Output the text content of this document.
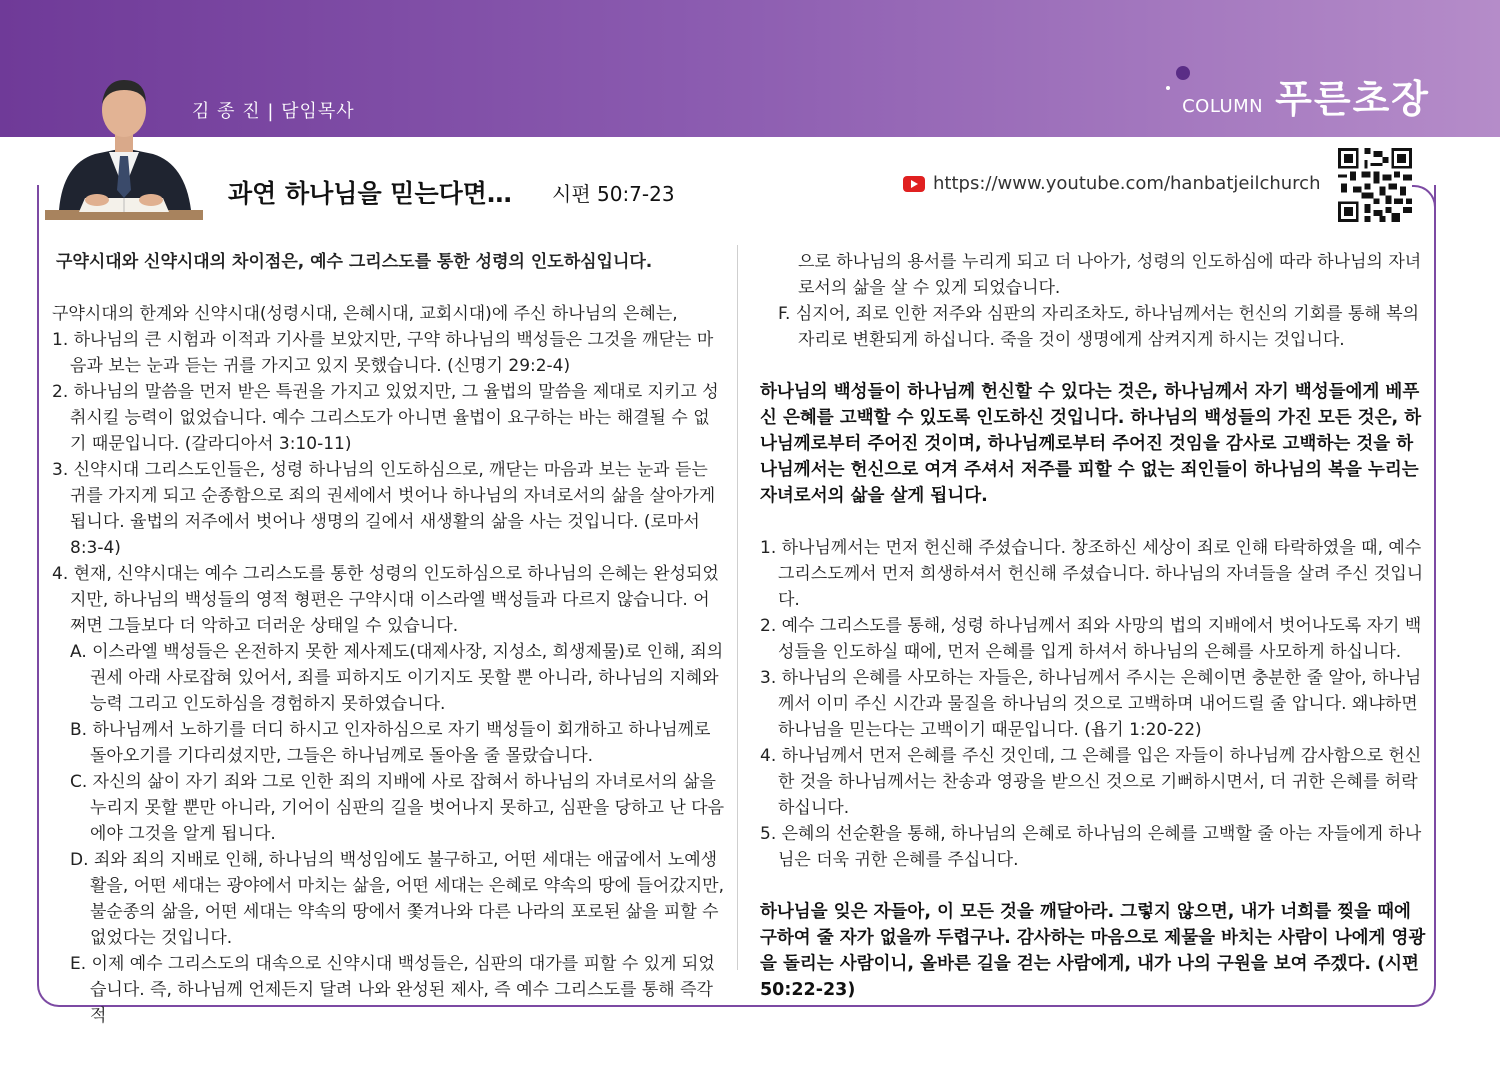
김 종 진 | 담임목사	COLUMN 푸른초장
과연 하나님을 믿는다면… 시편 50:7-23	https://www.youtube.com/hanbatjeilchurch

구약시대와 신약시대의 차이점은, 예수 그리스도를 통한 성령의 인도하심입니다.

구약시대의 한계와 신약시대(성령시대, 은혜시대, 교회시대)에 주신 하나님의 은혜는,

1. 하나님의 큰 시험과 이적과 기사를 보았지만, 구약 하나님의 백성들은 그것을 깨닫는 마음과 보는 눈과 듣는 귀를 가지고 있지 못했습니다. (신명기 29:2-4)

2. 하나님의 말씀을 먼저 받은 특권을 가지고 있었지만, 그 율법의 말씀을 제대로 지키고 성취시킬 능력이 없었습니다. 예수 그리스도가 아니면 율법이 요구하는 바는 해결될 수 없기 때문입니다. (갈라디아서 3:10-11)

3. 신약시대 그리스도인들은, 성령 하나님의 인도하심으로, 깨닫는 마음과 보는 눈과 듣는 귀를 가지게 되고 순종함으로 죄의 권세에서 벗어나 하나님의 자녀로서의 삶을 살아가게 됩니다. 율법의 저주에서 벗어나 생명의 길에서 새생활의 삶을 사는 것입니다. (로마서 8:3-4)

4. 현재, 신약시대는 예수 그리스도를 통한 성령의 인도하심으로 하나님의 은혜는 완성되었지만, 하나님의 백성들의 영적 형편은 구약시대 이스라엘 백성들과 다르지 않습니다. 어쩌면 그들보다 더 악하고 더러운 상태일 수 있습니다.

A. 이스라엘 백성들은 온전하지 못한 제사제도(대제사장, 지성소, 희생제물)로 인해, 죄의 권세 아래 사로잡혀 있어서, 죄를 피하지도 이기지도 못할 뿐 아니라, 하나님의 지혜와 능력 그리고 인도하심을 경험하지 못하였습니다.

B. 하나님께서 노하기를 더디 하시고 인자하심으로 자기 백성들이 회개하고 하나님께로 돌아오기를 기다리셨지만, 그들은 하나님께로 돌아올 줄 몰랐습니다.

C. 자신의 삶이 자기 죄와 그로 인한 죄의 지배에 사로 잡혀서 하나님의 자녀로서의 삶을 누리지 못할 뿐만 아니라, 기어이 심판의 길을 벗어나지 못하고, 심판을 당하고 난 다음에야 그것을 알게 됩니다.

D. 죄와 죄의 지배로 인해, 하나님의 백성임에도 불구하고, 어떤 세대는 애굽에서 노예생활을, 어떤 세대는 광야에서 마치는 삶을, 어떤 세대는 은혜로 약속의 땅에 들어갔지만, 불순종의 삶을, 어떤 세대는 약속의 땅에서 쫓겨나와 다른 나라의 포로된 삶을 피할 수 없었다는 것입니다.

E. 이제 예수 그리스도의 대속으로 신약시대 백성들은, 심판의 대가를 피할 수 있게 되었습니다. 즉, 하나님께 언제든지 달려 나와 완성된 제사, 즉 예수 그리스도를 통해 즉각적

으로 하나님의 용서를 누리게 되고 더 나아가, 성령의 인도하심에 따라 하나님의 자녀로서의 삶을 살 수 있게 되었습니다.

F. 심지어, 죄로 인한 저주와 심판의 자리조차도, 하나님께서는 헌신의 기회를 통해 복의 자리로 변환되게 하십니다. 죽을 것이 생명에게 삼켜지게 하시는 것입니다.

하나님의 백성들이 하나님께 헌신할 수 있다는 것은, 하나님께서 자기 백성들에게 베푸신 은혜를 고백할 수 있도록 인도하신 것입니다. 하나님의 백성들의 가진 모든 것은, 하나님께로부터 주어진 것이며, 하나님께로부터 주어진 것임을 감사로 고백하는 것을 하나님께서는 헌신으로 여겨 주셔서 저주를 피할 수 없는 죄인들이 하나님의 복을 누리는 자녀로서의 삶을 살게 됩니다.

1. 하나님께서는 먼저 헌신해 주셨습니다. 창조하신 세상이 죄로 인해 타락하였을 때, 예수 그리스도께서 먼저 희생하셔서 헌신해 주셨습니다. 하나님의 자녀들을 살려 주신 것입니다.

2. 예수 그리스도를 통해, 성령 하나님께서 죄와 사망의 법의 지배에서 벗어나도록 자기 백성들을 인도하실 때에, 먼저 은혜를 입게 하셔서 하나님의 은혜를 사모하게 하십니다.

3. 하나님의 은혜를 사모하는 자들은, 하나님께서 주시는 은혜이면 충분한 줄 알아, 하나님께서 이미 주신 시간과 물질을 하나님의 것으로 고백하며 내어드릴 줄 압니다. 왜냐하면 하나님을 믿는다는 고백이기 때문입니다. (욥기 1:20-22)

4. 하나님께서 먼저 은혜를 주신 것인데, 그 은혜를 입은 자들이 하나님께 감사함으로 헌신한 것을 하나님께서는 찬송과 영광을 받으신 것으로 기뻐하시면서, 더 귀한 은혜를 허락하십니다.

5. 은혜의 선순환을 통해, 하나님의 은혜로 하나님의 은혜를 고백할 줄 아는 자들에게 하나님은 더욱 귀한 은혜를 주십니다.

하나님을 잊은 자들아, 이 모든 것을 깨달아라. 그렇지 않으면, 내가 너희를 찢을 때에 구하여 줄 자가 없을까 두렵구나. 감사하는 마음으로 제물을 바치는 사람이 나에게 영광을 돌리는 사람이니, 올바른 길을 걷는 사람에게, 내가 나의 구원을 보여 주겠다. (시편 50:22-23)
